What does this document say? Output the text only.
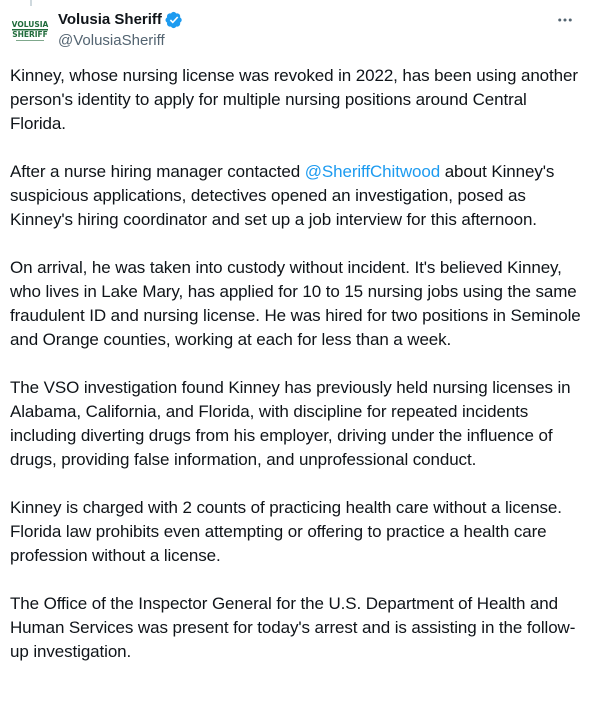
VOLUSIA
SHERIFF
Volusia Sheriff
@VolusiaSheriff

Kinney, whose nursing license was revoked in 2022, has been using another person's identity to apply for multiple nursing positions around Central Florida.

After a nurse hiring manager contacted @SheriffChitwood about Kinney's suspicious applications, detectives opened an investigation, posed as Kinney's hiring coordinator and set up a job interview for this afternoon.

On arrival, he was taken into custody without incident. It's believed Kinney, who lives in Lake Mary, has applied for 10 to 15 nursing jobs using the same fraudulent ID and nursing license. He was hired for two positions in Seminole and Orange counties, working at each for less than a week.

The VSO investigation found Kinney has previously held nursing licenses in Alabama, California, and Florida, with discipline for repeated incidents including diverting drugs from his employer, driving under the influence of drugs, providing false information, and unprofessional conduct.

Kinney is charged with 2 counts of practicing health care without a license. Florida law prohibits even attempting or offering to practice a health care profession without a license.

The Office of the Inspector General for the U.S. Department of Health and Human Services was present for today's arrest and is assisting in the follow-up investigation.
